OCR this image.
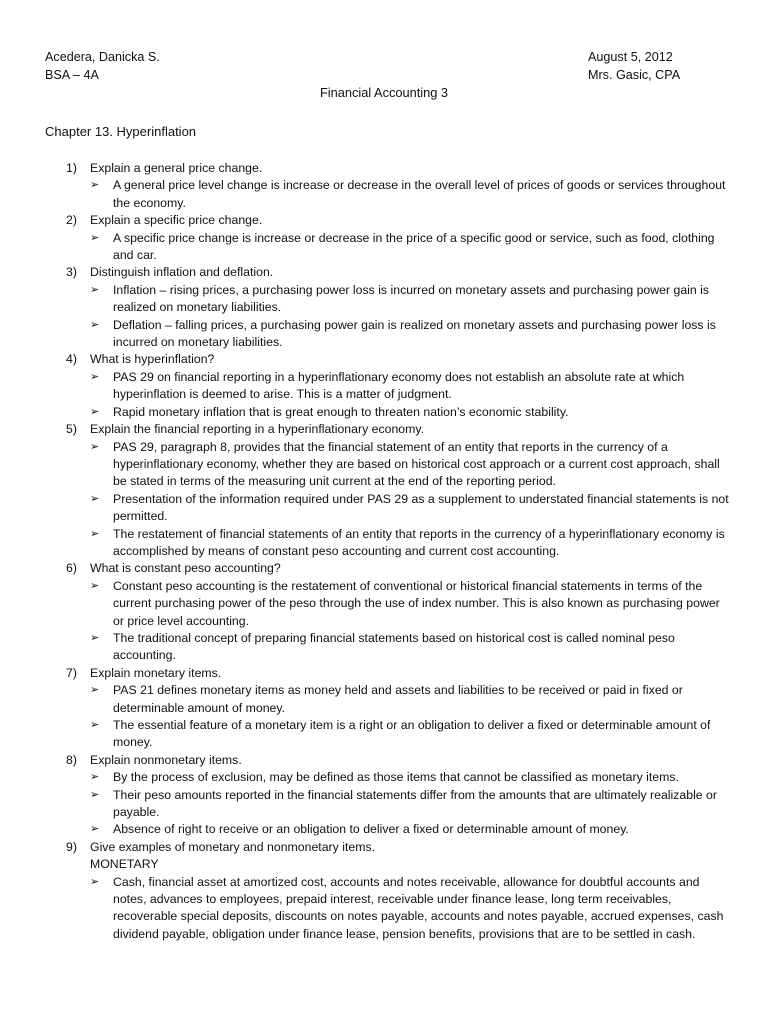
Acedera, Danicka S.
BSA – 4A
August 5, 2012
Mrs. Gasic, CPA
Financial Accounting 3
Chapter 13. Hyperinflation
1) Explain a general price change.
➢ A general price level change is increase or decrease in the overall level of prices of goods or services throughout the economy.
2) Explain a specific price change.
➢ A specific price change is increase or decrease in the price of a specific good or service, such as food, clothing and car.
3) Distinguish inflation and deflation.
➢ Inflation – rising prices, a purchasing power loss is incurred on monetary assets and purchasing power gain is realized on monetary liabilities.
➢ Deflation – falling prices, a purchasing power gain is realized on monetary assets and purchasing power loss is incurred on monetary liabilities.
4) What is hyperinflation?
➢ PAS 29 on financial reporting in a hyperinflationary economy does not establish an absolute rate at which hyperinflation is deemed to arise. This is a matter of judgment.
➢ Rapid monetary inflation that is great enough to threaten nation’s economic stability.
5) Explain the financial reporting in a hyperinflationary economy.
➢ PAS 29, paragraph 8, provides that the financial statement of an entity that reports in the currency of a hyperinflationary economy, whether they are based on historical cost approach or a current cost approach, shall be stated in terms of the measuring unit current at the end of the reporting period.
➢ Presentation of the information required under PAS 29 as a supplement to understated financial statements is not permitted.
➢ The restatement of financial statements of an entity that reports in the currency of a hyperinflationary economy is accomplished by means of constant peso accounting and current cost accounting.
6) What is constant peso accounting?
➢ Constant peso accounting is the restatement of conventional or historical financial statements in terms of the current purchasing power of the peso through the use of index number. This is also known as purchasing power or price level accounting.
➢ The traditional concept of preparing financial statements based on historical cost is called nominal peso accounting.
7) Explain monetary items.
➢ PAS 21 defines monetary items as money held and assets and liabilities to be received or paid in fixed or determinable amount of money.
➢ The essential feature of a monetary item is a right or an obligation to deliver a fixed or determinable amount of money.
8) Explain nonmonetary items.
➢ By the process of exclusion, may be defined as those items that cannot be classified as monetary items.
➢ Their peso amounts reported in the financial statements differ from the amounts that are ultimately realizable or payable.
➢ Absence of right to receive or an obligation to deliver a fixed or determinable amount of money.
9) Give examples of monetary and nonmonetary items.
MONETARY
➢ Cash, financial asset at amortized cost, accounts and notes receivable, allowance for doubtful accounts and notes, advances to employees, prepaid interest, receivable under finance lease, long term receivables, recoverable special deposits, discounts on notes payable, accounts and notes payable, accrued expenses, cash dividend payable, obligation under finance lease, pension benefits, provisions that are to be settled in cash.
